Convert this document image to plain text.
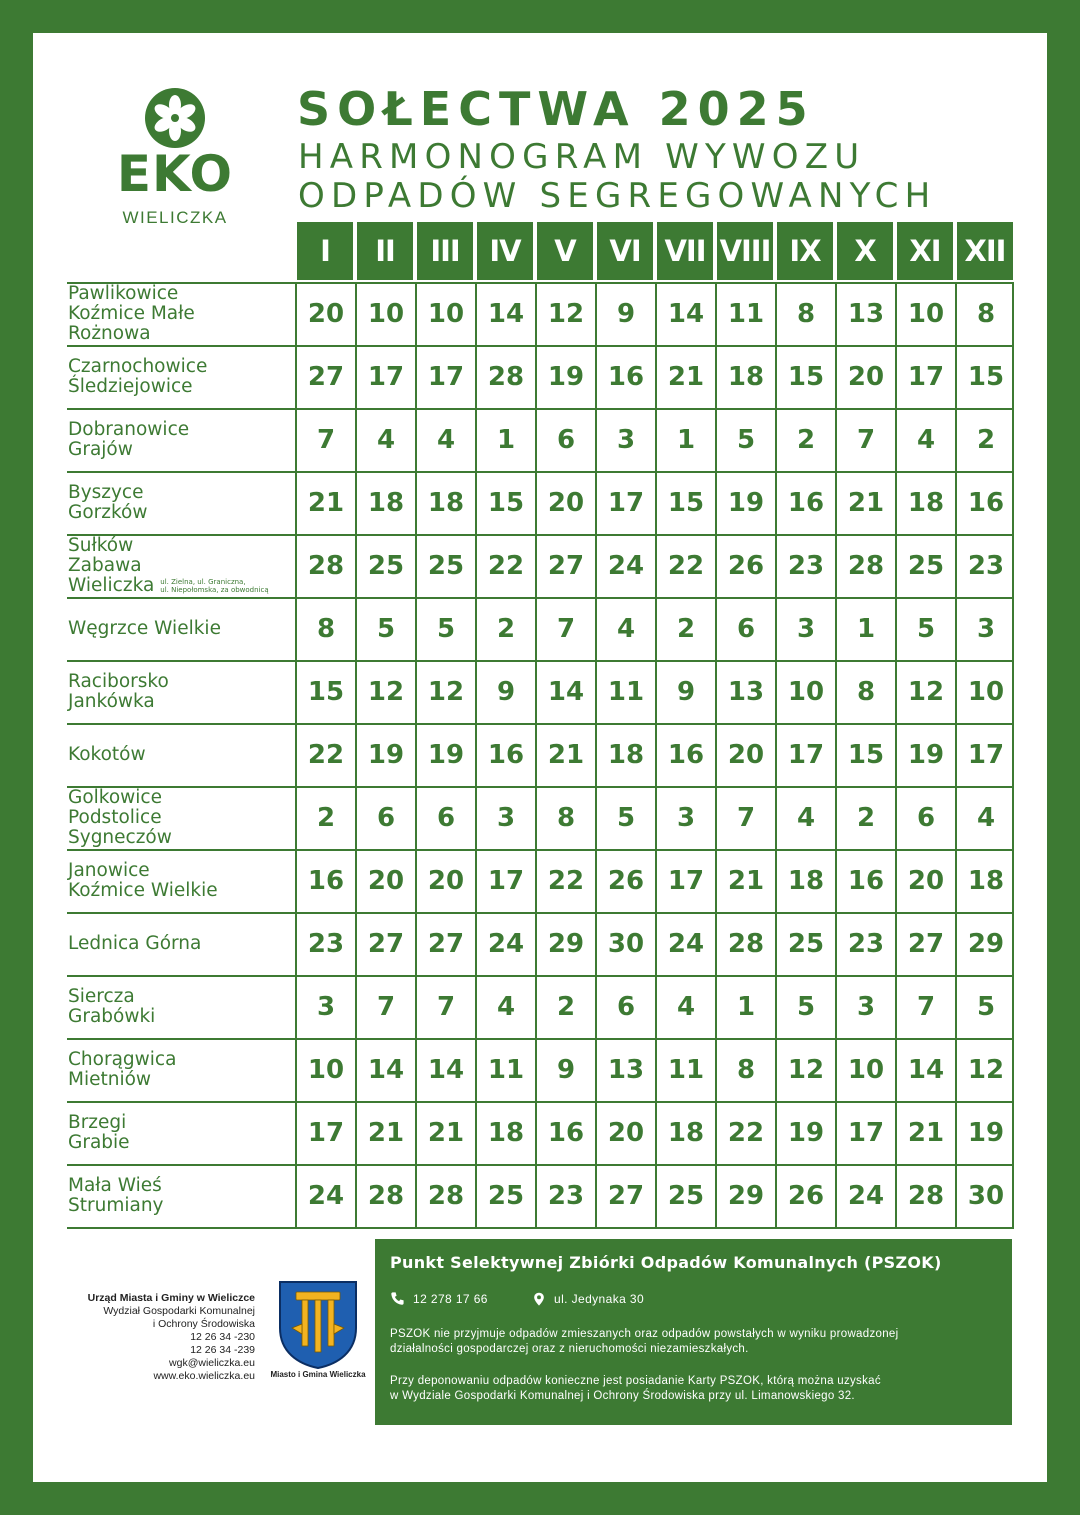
EKO
WIELICZKA
SOŁECTWA 2025
HARMONOGRAM WYWOZU
ODPADÓW SEGREGOWANYCH
I	II	III	IV	V	VI VII VIII IX	X	XI XII
Pawlikowice
Koźmice Małe
Rożnowa
20 10 10 14 12	9	14 11	8	13 10	8
Czarnochowice
Śledziejowice	27 17 17 28 19 16 21 18 15 20 17 15
Dobranowice
Grajów	7	4	4	1	6	3	1	5	2	7	4	2
Byszyce
Gorzków	21 18 18 15 20 17 15 19 16 21 18 16
Sułków
Zabawa
Wieliczka ul. Zielna, ul. Graniczna,
ul. Niepołomska, za obwodnicą
28 25 25 22 27 24 22 26 23 28 25 23
Węgrzce Wielkie	8	5	5	2	7	4	2	6	3	1	5	3
Raciborsko
Jankówka	15 12 12	9	14 11	9	13 10	8	12 10
Kokotów	22 19 19 16 21 18 16 20 17 15 19 17
Golkowice
Podstolice
Sygneczów
2	6	6	3	8	5	3	7	4	2	6	4
Janowice
Koźmice Wielkie	16 20 20 17 22 26 17 21 18 16 20 18
Lednica Górna	23 27 27 24 29 30 24 28 25 23 27 29
Siercza
Grabówki	3	7	7	4	2	6	4	1	5	3	7	5
Chorągwica
Mietniów	10 14 14 11	9	13 11	8	12 10 14 12
Brzegi
Grabie	17 21 21 18 16 20 18 22 19 17 21 19
Mała Wieś
Strumiany	24 28 28 25 23 27 25 29 26 24 28 30
Urząd Miasta i Gminy w Wieliczce
Wydział Gospodarki Komunalnej
i Ochrony Środowiska
12 26 34 -230
12 26 34 -239
wgk@wieliczka.eu
www.eko.wieliczka.eu	Miasto i Gmina Wieliczka
Punkt Selektywnej Zbiórki Odpadów Komunalnych (PSZOK)
12 278 17 66	ul. Jedynaka 30
PSZOK nie przyjmuje odpadów zmieszanych oraz odpadów powstałych w wyniku prowadzonej
działalności gospodarczej oraz z nieruchomości niezamieszkałych.
Przy deponowaniu odpadów konieczne jest posiadanie Karty PSZOK, którą można uzyskać
w Wydziale Gospodarki Komunalnej i Ochrony Środowiska przy ul. Limanowskiego 32.
